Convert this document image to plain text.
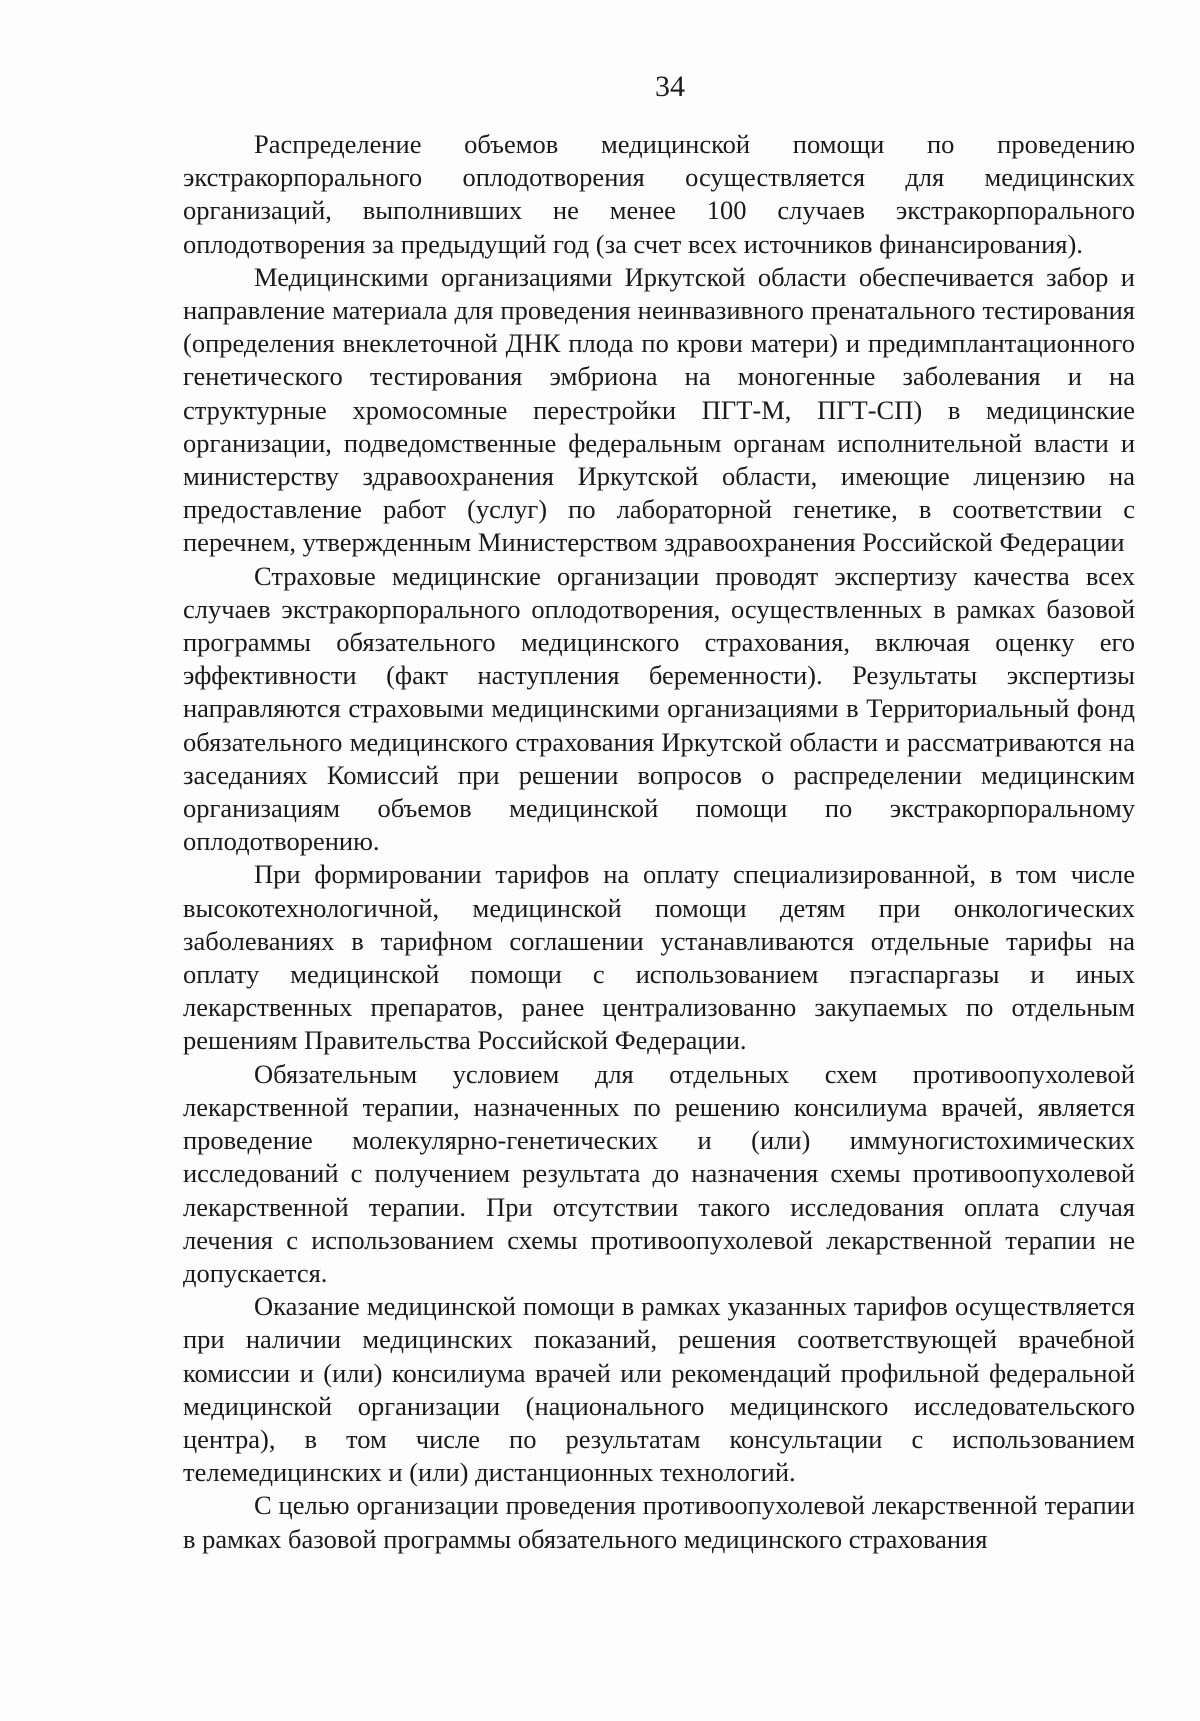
34

Распределение объемов медицинской помощи по проведению экстракорпорального оплодотворения осуществляется для медицинских организаций, выполнивших не менее 100 случаев экстракорпорального оплодотворения за предыдущий год (за счет всех источников финансирования).

Медицинскими организациями Иркутской области обеспечивается забор и направление материала для проведения неинвазивного пренатального тестирования (определения внеклеточной ДНК плода по крови матери) и предимплантационного генетического тестирования эмбриона на моногенные заболевания и на структурные хромосомные перестройки ПГТ-М, ПГТ-СП) в медицинские организации, подведомственные федеральным органам исполнительной власти и министерству здравоохранения Иркутской области, имеющие лицензию на предоставление работ (услуг) по лабораторной генетике, в соответствии с перечнем, утвержденным Министерством здравоохранения Российской Федерации

Страховые медицинские организации проводят экспертизу качества всех случаев экстракорпорального оплодотворения, осуществленных в рамках базовой программы обязательного медицинского страхования, включая оценку его эффективности (факт наступления беременности). Результаты экспертизы направляются страховыми медицинскими организациями в Территориальный фонд обязательного медицинского страхования Иркутской области и рассматриваются на заседаниях Комиссий при решении вопросов о распределении медицинским организациям объемов медицинской помощи по экстракорпоральному оплодотворению.

При формировании тарифов на оплату специализированной, в том числе высокотехнологичной, медицинской помощи детям при онкологических заболеваниях в тарифном соглашении устанавливаются отдельные тарифы на оплату медицинской помощи с использованием пэгаспаргазы и иных лекарственных препаратов, ранее централизованно закупаемых по отдельным решениям Правительства Российской Федерации.

Обязательным условием для отдельных схем противоопухолевой лекарственной терапии, назначенных по решению консилиума врачей, является проведение молекулярно-генетических и (или) иммуногистохимических исследований с получением результата до назначения схемы противоопухолевой лекарственной терапии. При отсутствии такого исследования оплата случая лечения с использованием схемы противоопухолевой лекарственной терапии не допускается.

Оказание медицинской помощи в рамках указанных тарифов осуществляется при наличии медицинских показаний, решения соответствующей врачебной комиссии и (или) консилиума врачей или рекомендаций профильной федеральной медицинской организации (национального медицинского исследовательского центра), в том числе по результатам консультации с использованием телемедицинских и (или) дистанционных технологий.

С целью организации проведения противоопухолевой лекарственной терапии в рамках базовой программы обязательного медицинского страхования
